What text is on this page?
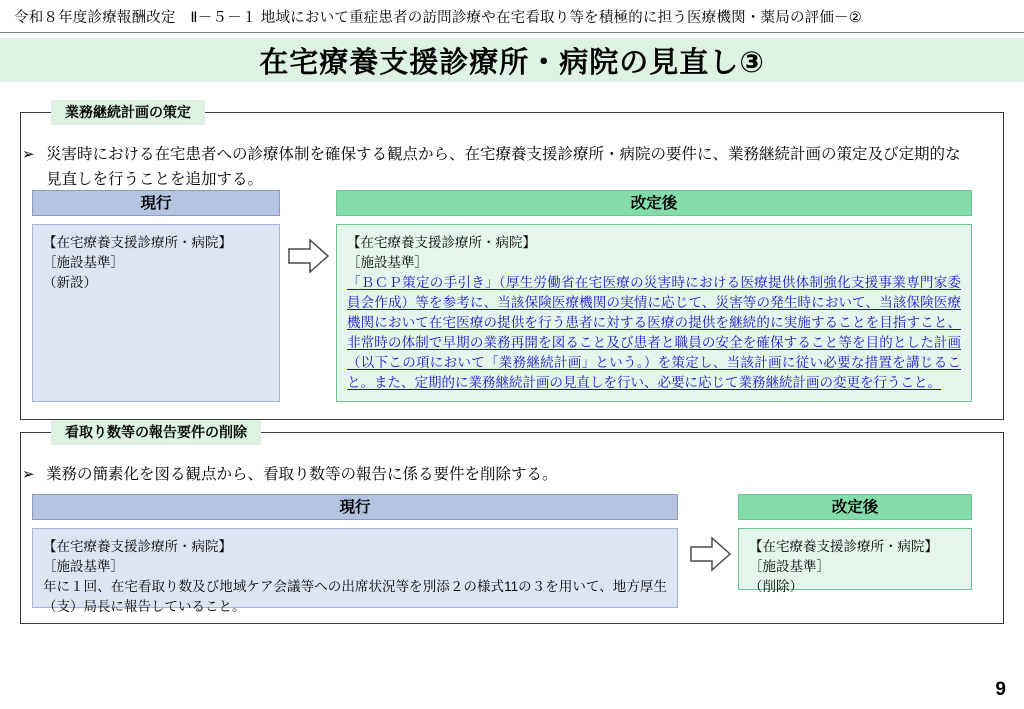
令和８年度診療報酬改定　Ⅱ－５－１ 地域において重症患者の訪問診療や在宅看取り等を積極的に担う医療機関・薬局の評価－②
在宅療養支援診療所・病院の見直し③
業務継続計画の策定
➢ 災害時における在宅患者への診療体制を確保する観点から、在宅療養支援診療所・病院の要件に、業務継続計画の策定及び定期的な見直しを行うことを追加する。
現行	改定後

【在宅療養支援診療所・病院】

［施設基準］

（新設）

【在宅療養支援診療所・病院】

［施設基準］

「ＢＣＰ策定の手引き」（厚生労働省在宅医療の災害時における医療提供体制強化支援事業専門家委員会作成）等を参考に、当該保険医療機関の実情に応じて、災害等の発生時において、当該保険医療機関において在宅医療の提供を行う患者に対する医療の提供を継続的に実施することを目指すこと、非常時の体制で早期の業務再開を図ること及び患者と職員の安全を確保すること等を目的とした計画（以下この項において「業務継続計画」という。）を策定し、当該計画に従い必要な措置を講じること。また、定期的に業務継続計画の見直しを行い、必要に応じて業務継続計画の変更を行うこと。

看取り数等の報告要件の削除
➢ 業務の簡素化を図る観点から、看取り数等の報告に係る要件を削除する。
現行	改定後

【在宅療養支援診療所・病院】

［施設基準］

年に１回、在宅看取り数及び地域ケア会議等への出席状況等を別添２の様式11の３を用いて、地方厚生（支）局長に報告していること。

【在宅療養支援診療所・病院】

［施設基準］

（削除）

9
